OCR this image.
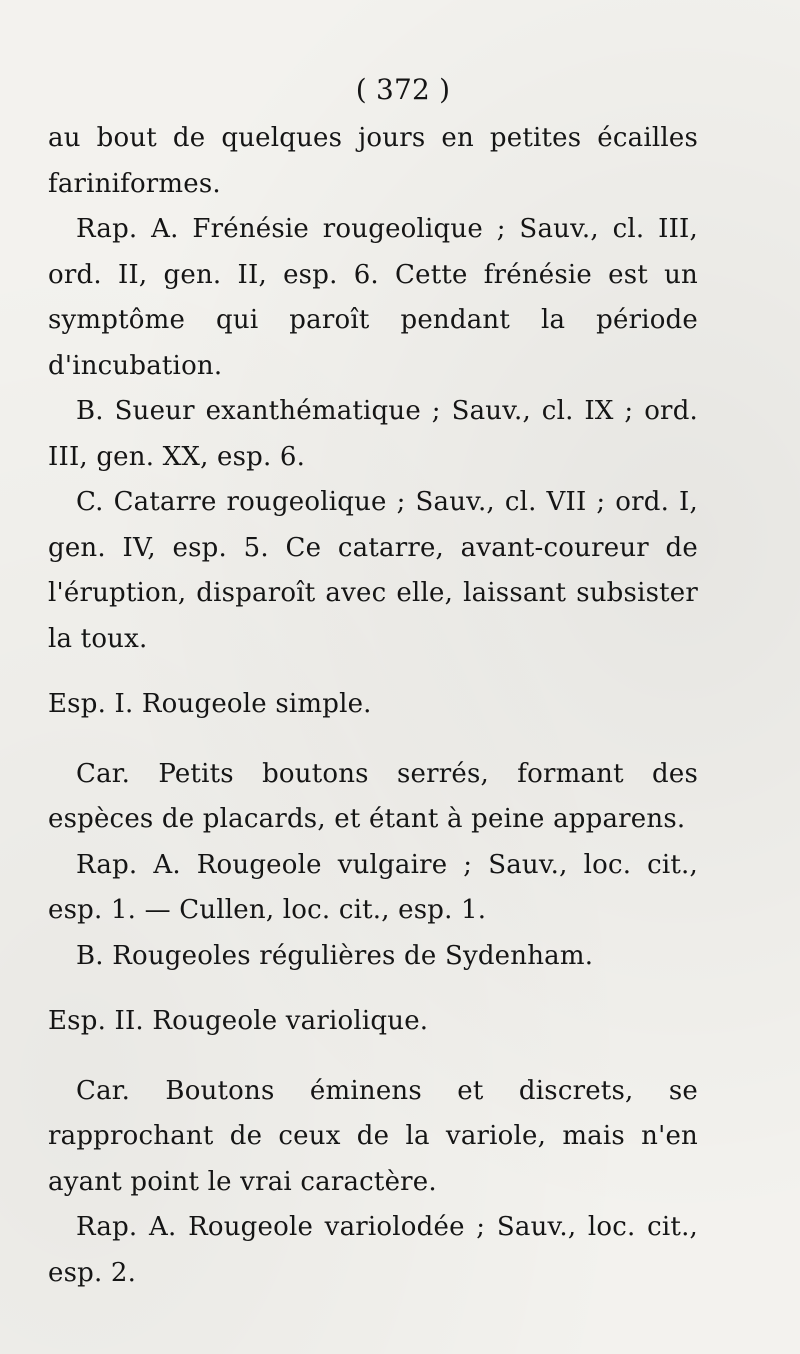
( 372 )

au bout de quelques jours en petites écailles fariniformes.

Rap. A. Frénésie rougeolique ; Sauv., cl. III, ord. II, gen. II, esp. 6. Cette frénésie est un symptôme qui paroît pendant la période d'incubation.

B. Sueur exanthématique ; Sauv., cl. IX ; ord. III, gen. XX, esp. 6.

C. Catarre rougeolique ; Sauv., cl. VII ; ord. I, gen. IV, esp. 5. Ce catarre, avant-coureur de l'éruption, disparoît avec elle, laissant subsister la toux.

Esp. I. Rougeole simple.

Car. Petits boutons serrés, formant des espèces de placards, et étant à peine apparens.

Rap. A. Rougeole vulgaire ; Sauv., loc. cit., esp. 1. — Cullen, loc. cit., esp. 1.

B. Rougeoles régulières de Sydenham.

Esp. II. Rougeole variolique.

Car. Boutons éminens et discrets, se rapprochant de ceux de la variole, mais n'en ayant point le vrai caractère.

Rap. A. Rougeole variolodée ; Sauv., loc. cit., esp. 2.
